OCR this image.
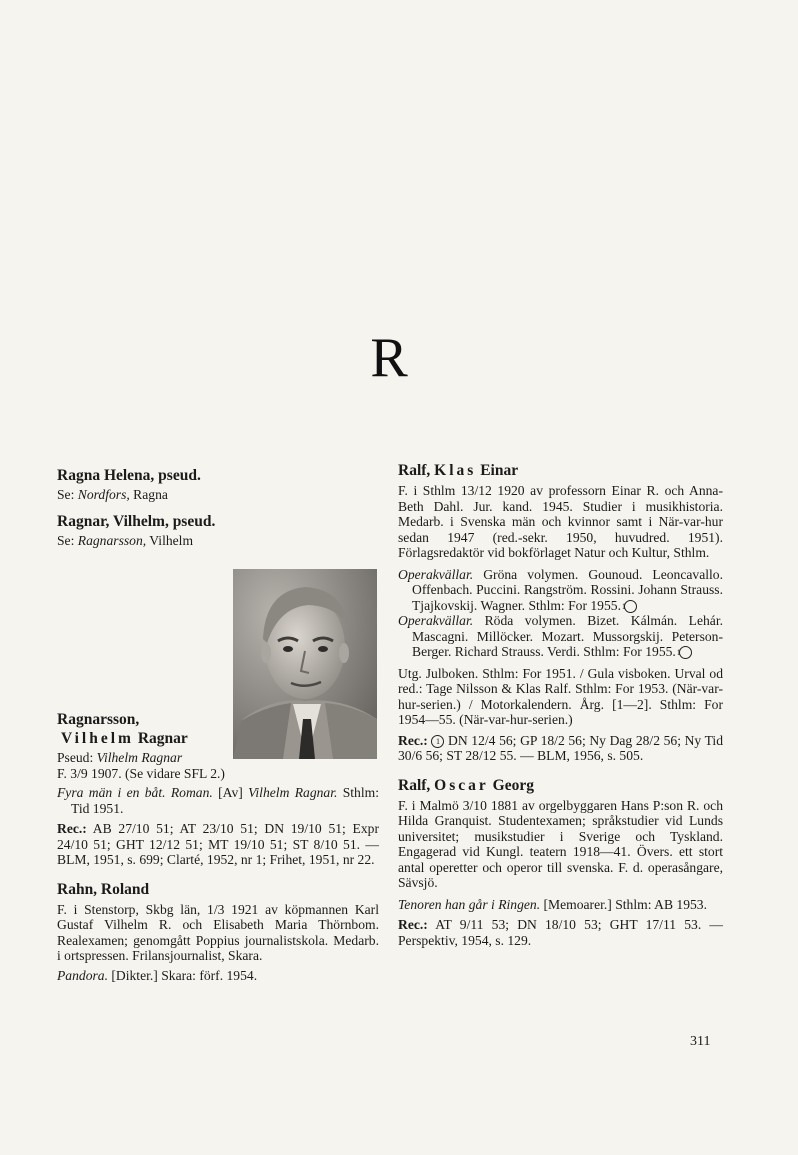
R

Ragna Helena, pseud.

Se: Nordfors, Ragna

Ragnar, Vilhelm, pseud.

Se: Ragnarsson, Vilhelm

Ragnarsson,

Vilhelm Ragnar

Pseud: Vilhelm Ragnar

F. 3/9 1907. (Se vidare SFL 2.)

Fyra män i en båt. Roman. [Av] Vilhelm Ragnar. Sthlm: Tid 1951.

Rec.: AB 27/10 51; AT 23/10 51; DN 19/10 51; Expr 24/10 51; GHT 12/12 51; MT 19/10 51; ST 8/10 51. — BLM, 1951, s. 699; Clarté, 1952, nr 1; Frihet, 1951, nr 22.

Rahn, Roland

F. i Stenstorp, Skbg län, 1/3 1921 av köpmannen Karl Gustaf Vilhelm R. och Elisabeth Maria Thörnbom. Realexamen; genomgått Poppius journalistskola. Medarb. i ortspressen. Frilansjournalist, Skara.

Pandora. [Dikter.] Skara: förf. 1954.

Ralf, Klas Einar

F. i Sthlm 13/12 1920 av professorn Einar R. och Anna-Beth Dahl. Jur. kand. 1945. Studier i musikhistoria. Medarb. i Svenska män och kvinnor samt i När-var-hur sedan 1947 (red.-sekr. 1950, huvudred. 1951). Förlagsredaktör vid bokförlaget Natur och Kultur, Sthlm.

Operakvällar. Gröna volymen. Gounoud. Leoncavallo. Offenbach. Puccini. Rangström. Rossini. Johann Strauss. Tjajkovskij. Wagner. Sthlm: For 1955. 1

Operakvällar. Röda volymen. Bizet. Kálmán. Lehár. Mascagni. Millöcker. Mozart. Mussorgskij. Peterson-Berger. Richard Strauss. Verdi. Sthlm: For 1955. 1

Utg. Julboken. Sthlm: For 1951. / Gula visboken. Urval od red.: Tage Nilsson & Klas Ralf. Sthlm: For 1953. (När-var-hur-serien.) / Motorkalendern. Årg. [1—2]. Sthlm: For 1954—55. (När-var-hur-serien.)

Rec.: 1 DN 12/4 56; GP 18/2 56; Ny Dag 28/2 56; Ny Tid 30/6 56; ST 28/12 55. — BLM, 1956, s. 505.

Ralf, Oscar Georg

F. i Malmö 3/10 1881 av orgelbyggaren Hans P:son R. och Hilda Granquist. Studentexamen; språkstudier vid Lunds universitet; musikstudier i Sverige och Tyskland. Engagerad vid Kungl. teatern 1918—41. Övers. ett stort antal operetter och operor till svenska. F. d. operasångare, Sävsjö.

Tenoren han går i Ringen. [Memoarer.] Sthlm: AB 1953.

Rec.: AT 9/11 53; DN 18/10 53; GHT 17/11 53. — Perspektiv, 1954, s. 129.

311
